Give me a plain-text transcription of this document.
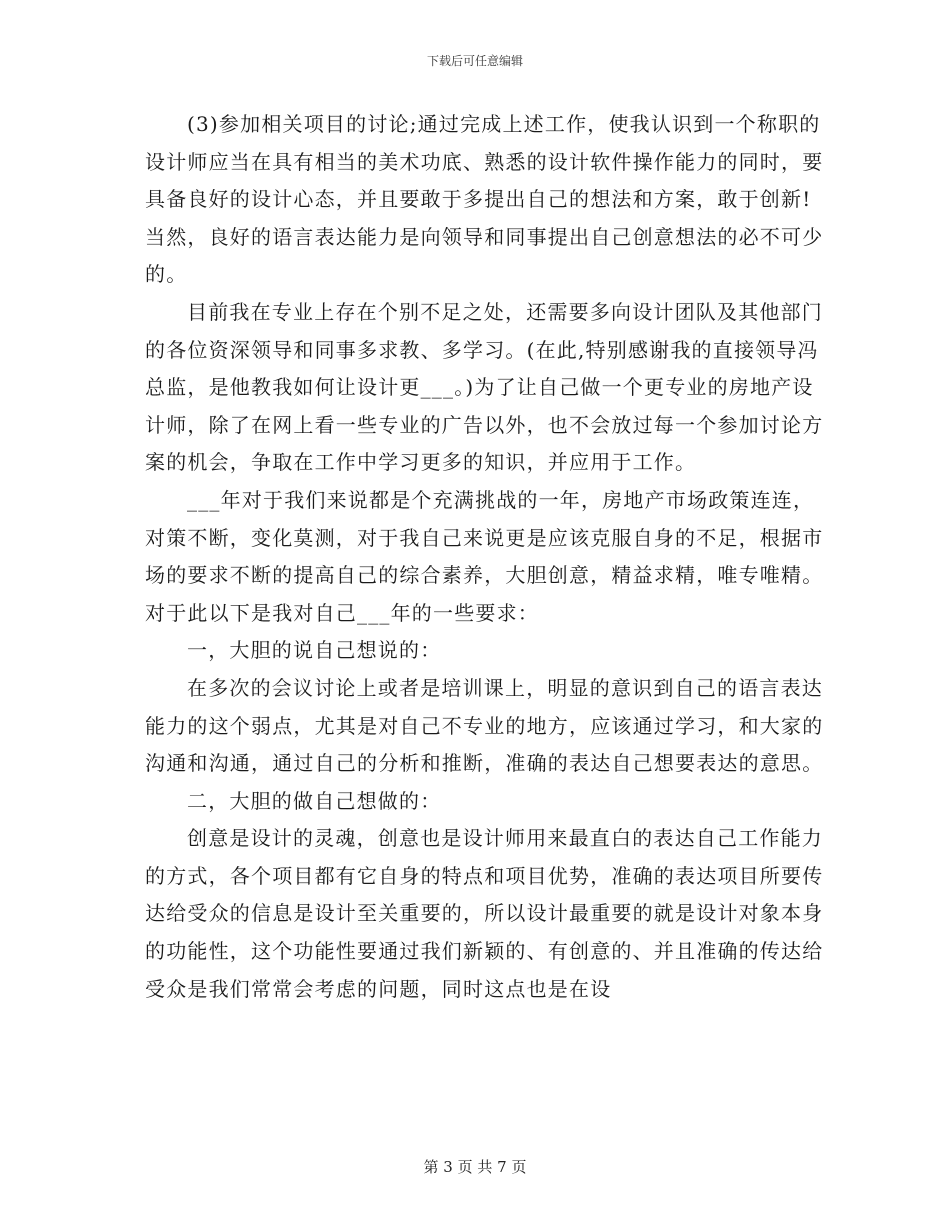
下载后可任意编辑

(3)参加相关项目的讨论;通过完成上述工作，使我认识到一个称职的设计师应当在具有相当的美术功底、熟悉的设计软件操作能力的同时，要具备良好的设计心态，并且要敢于多提出自己的想法和方案，敢于创新!当然，良好的语言表达能力是向领导和同事提出自己创意想法的必不可少的。

目前我在专业上存在个别不足之处，还需要多向设计团队及其他部门的各位资深领导和同事多求教、多学习。(在此,特别感谢我的直接领导冯总监，是他教我如何让设计更___。)为了让自己做一个更专业的房地产设计师，除了在网上看一些专业的广告以外，也不会放过每一个参加讨论方案的机会，争取在工作中学习更多的知识，并应用于工作。

___年对于我们来说都是个充满挑战的一年，房地产市场政策连连，对策不断，变化莫测，对于我自己来说更是应该克服自身的不足，根据市场的要求不断的提高自己的综合素养，大胆创意，精益求精，唯专唯精。对于此以下是我对自己___年的一些要求：

一，大胆的说自己想说的：

在多次的会议讨论上或者是培训课上，明显的意识到自己的语言表达能力的这个弱点，尤其是对自己不专业的地方，应该通过学习，和大家的沟通和沟通，通过自己的分析和推断，准确的表达自己想要表达的意思。

二，大胆的做自己想做的：

创意是设计的灵魂，创意也是设计师用来最直白的表达自己工作能力的方式，各个项目都有它自身的特点和项目优势，准确的表达项目所要传达给受众的信息是设计至关重要的，所以设计最重要的就是设计对象本身的功能性，这个功能性要通过我们新颖的、有创意的、并且准确的传达给受众是我们常常会考虑的问题，同时这点也是在设

第 3 页 共 7 页
